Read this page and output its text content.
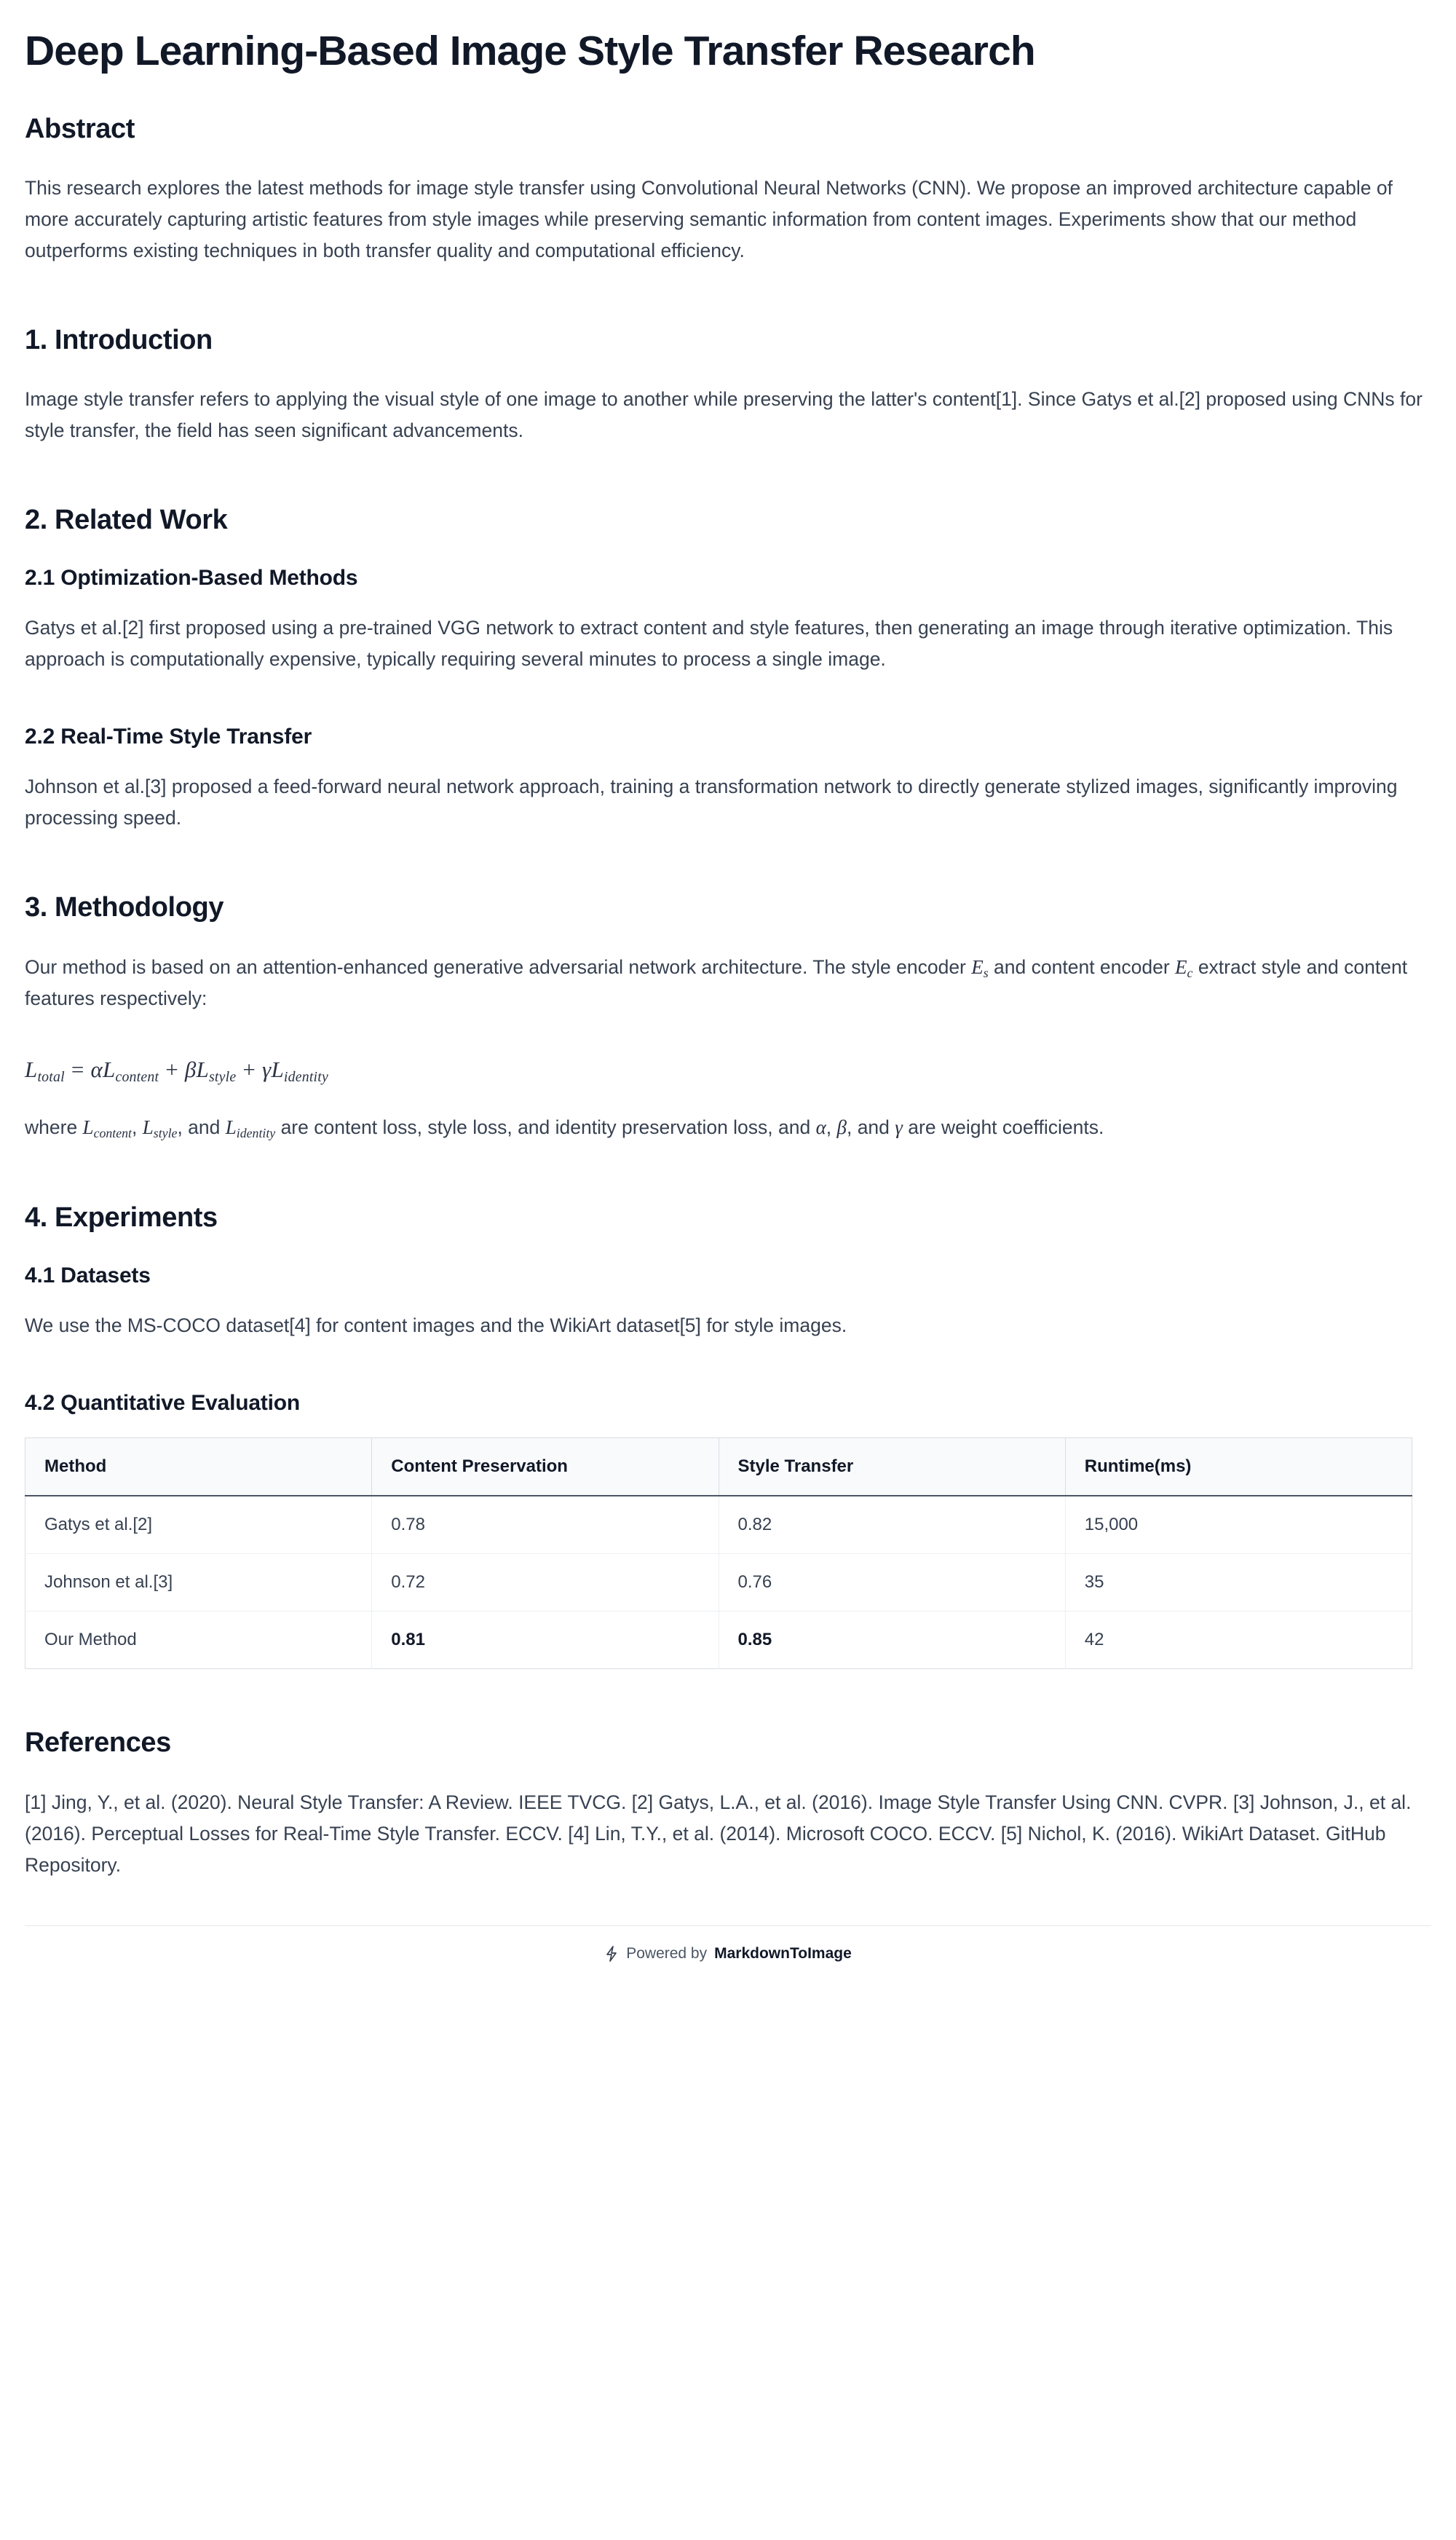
Deep Learning-Based Image Style Transfer Research
Abstract

This research explores the latest methods for image style transfer using Convolutional Neural Networks (CNN). We propose an improved architecture capable of more accurately capturing artistic features from style images while preserving semantic information from content images. Experiments show that our method outperforms existing techniques in both transfer quality and computational efficiency.

1. Introduction

Image style transfer refers to applying the visual style of one image to another while preserving the latter's content[1]. Since Gatys et al.[2] proposed using CNNs for style transfer, the field has seen significant advancements.

2. Related Work
2.1 Optimization-Based Methods

Gatys et al.[2] first proposed using a pre-trained VGG network to extract content and style features, then generating an image through iterative optimization. This approach is computationally expensive, typically requiring several minutes to process a single image.

2.2 Real-Time Style Transfer

Johnson et al.[3] proposed a feed-forward neural network approach, training a transformation network to directly generate stylized images, significantly improving processing speed.

3. Methodology

Our method is based on an attention-enhanced generative adversarial network architecture. The style encoder $E_s$ and content encoder $E_c$ extract style and content features respectively:

$L_{total} = \alpha L_{content} + \beta L_{style} + \gamma L_{identity}$

where $L_{content}$, $L_{style}$, and $L_{identity}$ are content loss, style loss, and identity preservation loss, and α, β, and γ are weight coefficients.

4. Experiments
4.1 Datasets

We use the MS-COCO dataset[4] for content images and the WikiArt dataset[5] for style images.

4.2 Quantitative Evaluation
Method	Content Preservation	Style Transfer	Runtime(ms)
Gatys et al.[2]	0.78	0.82	15,000
Johnson et al.[3]	0.72	0.76	35
Our Method	0.81	0.85	42
References

[1] Jing, Y., et al. (2020). Neural Style Transfer: A Review. IEEE TVCG. [2] Gatys, L.A., et al. (2016). Image Style Transfer Using CNN. CVPR. [3] Johnson, J., et al. (2016). Perceptual Losses for Real-Time Style Transfer. ECCV. [4] Lin, T.Y., et al. (2014). Microsoft COCO. ECCV. [5] Nichol, K. (2016). WikiArt Dataset. GitHub Repository.

Powered by MarkdownToImage
